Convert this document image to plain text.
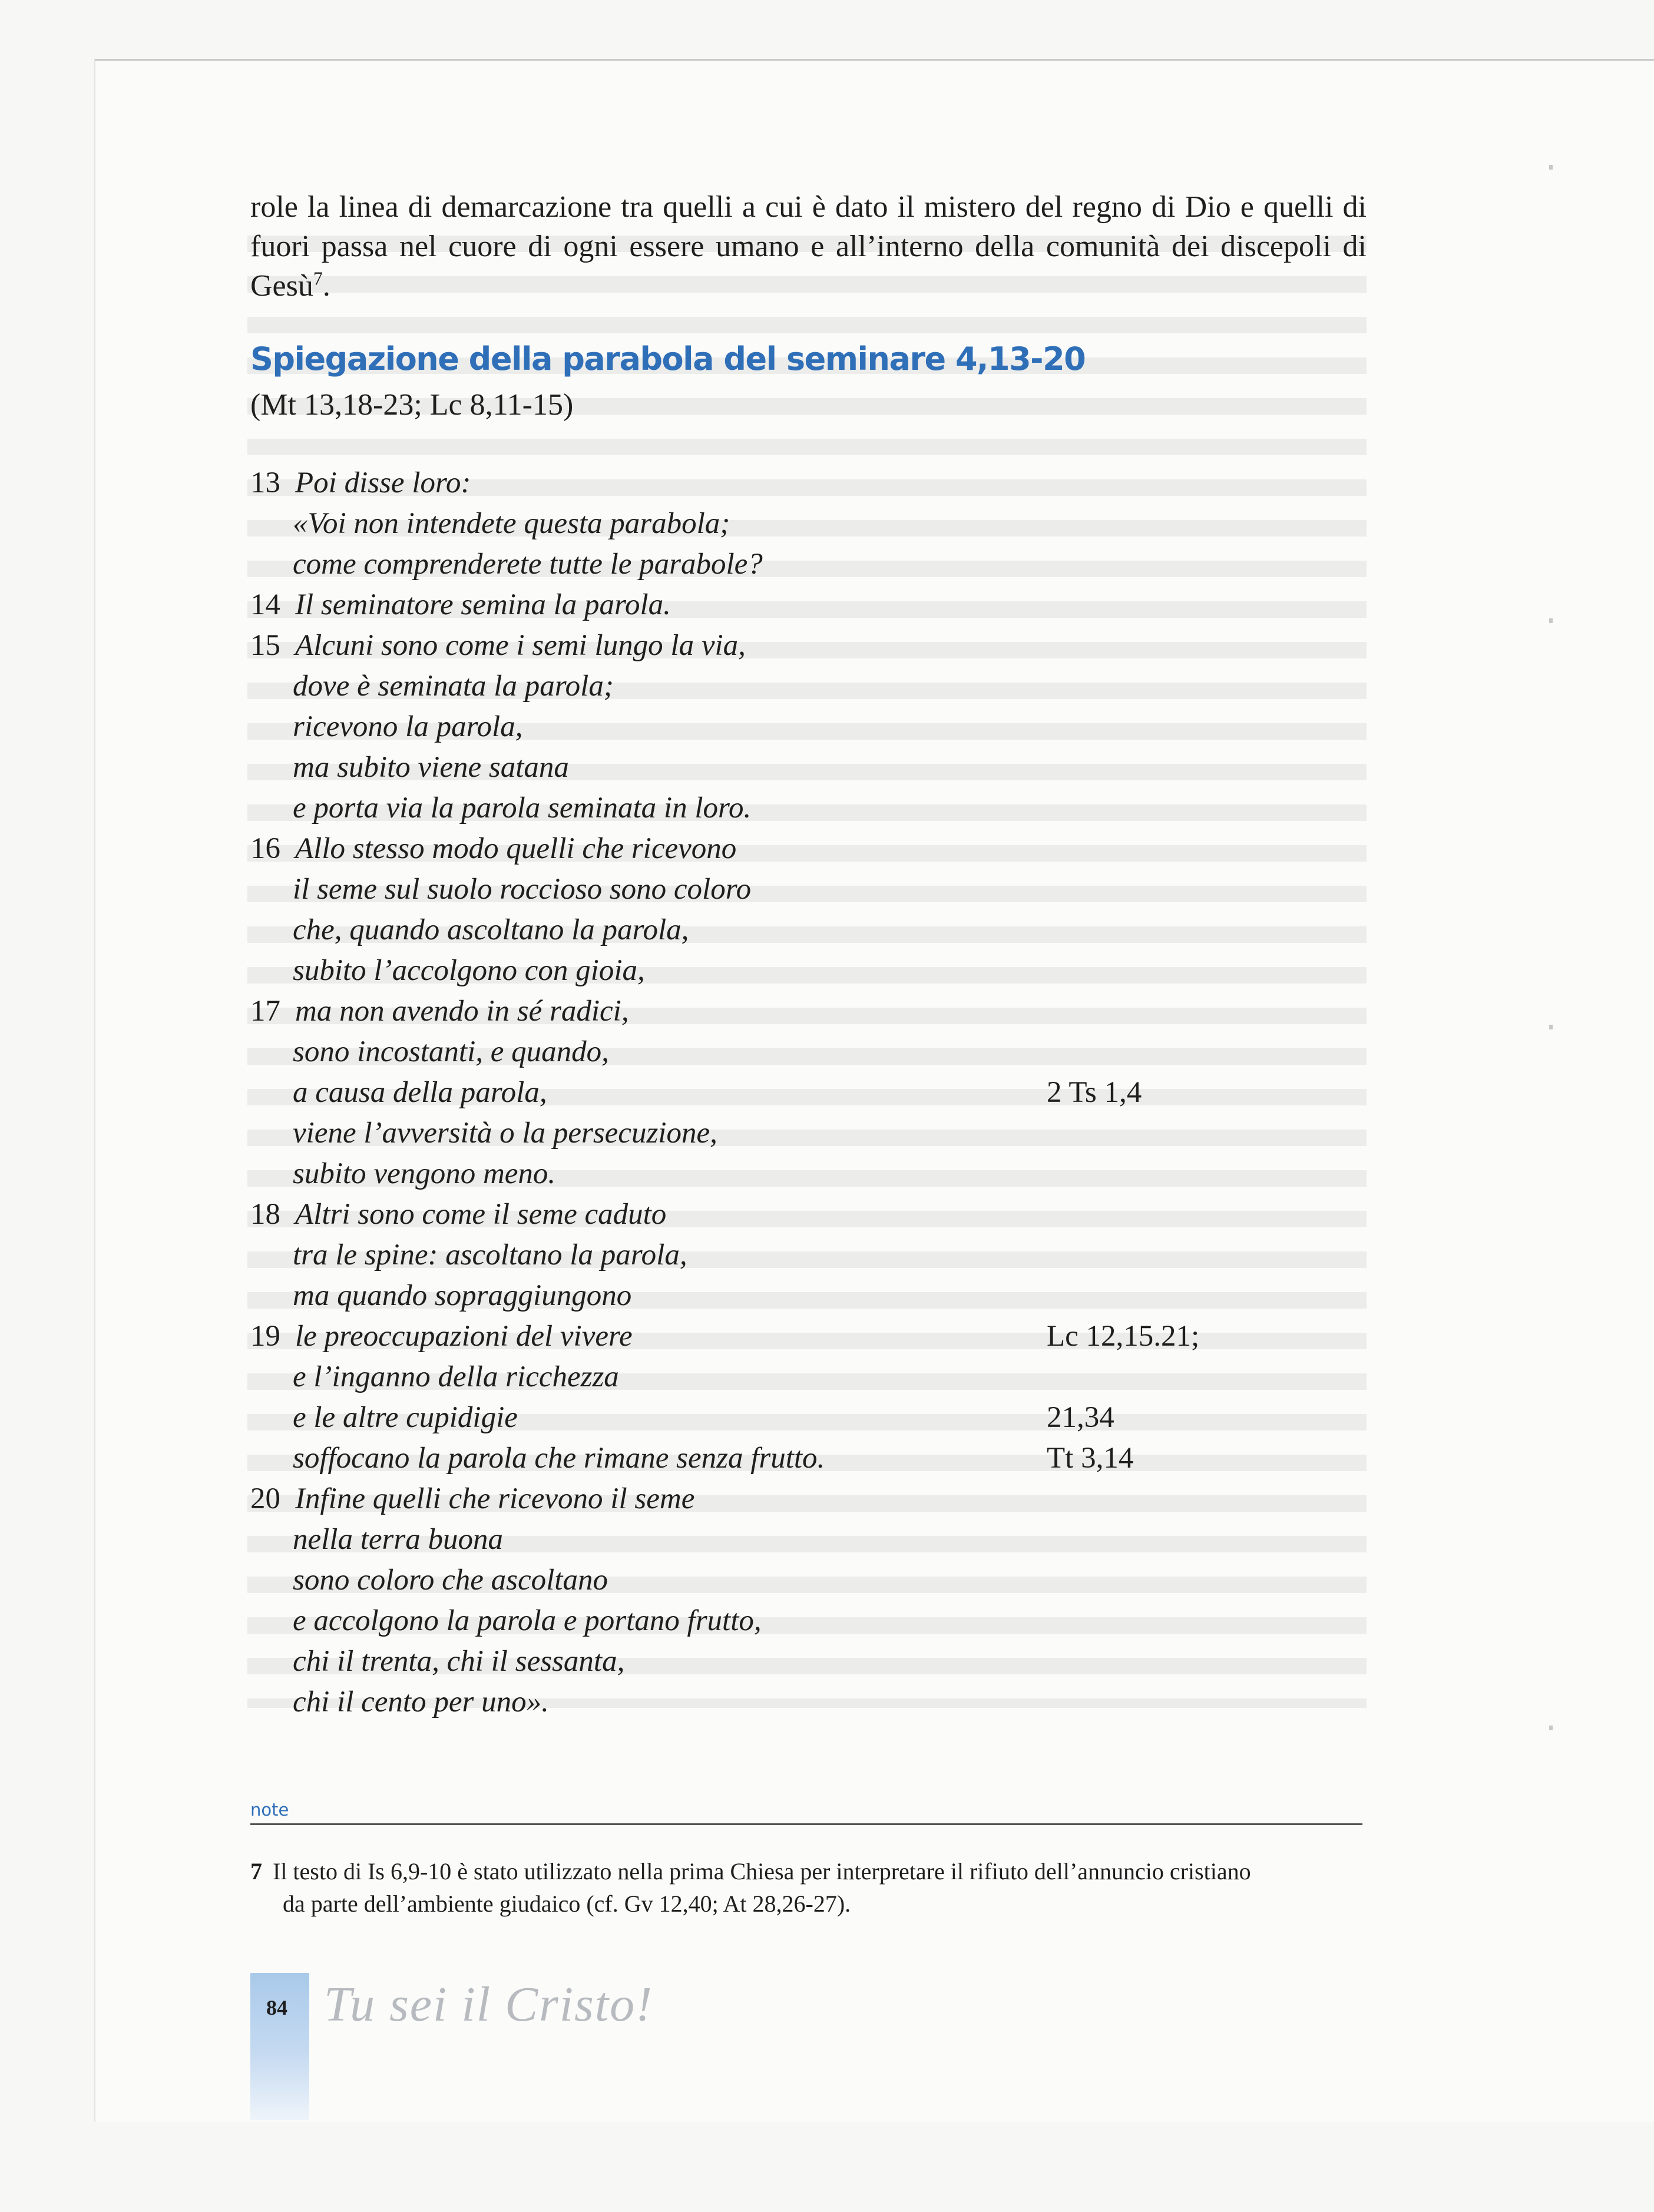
role la linea di demarcazione tra quelli a cui è dato il mistero del regno di Dio e quelli di fuori passa nel cuore di ogni essere umano e all’interno della comunità dei discepoli di Gesù$^7$.

Spiegazione della parabola del seminare 4,13-20
(Mt 13,18-23; Lc 8,11-15)
13 Poi disse loro:
«Voi non intendete questa parabola;
come comprenderete tutte le parabole?
14 Il seminatore semina la parola.
15 Alcuni sono come i semi lungo la via,
dove è seminata la parola;
ricevono la parola,
ma subito viene satana
e porta via la parola seminata in loro.
16 Allo stesso modo quelli che ricevono
il seme sul suolo roccioso sono coloro
che, quando ascoltano la parola,
subito l’accolgono con gioia,
17 ma non avendo in sé radici,
sono incostanti, e quando,
a causa della parola,	2 Ts 1,4
viene l’avversità o la persecuzione,
subito vengono meno.
18 Altri sono come il seme caduto
tra le spine: ascoltano la parola,
ma quando sopraggiungono
19 le preoccupazioni del vivere	Lc 12,15.21;
e l’inganno della ricchezza
e le altre cupidigie	21,34
soffocano la parola che rimane senza frutto.	Tt 3,14
20 Infine quelli che ricevono il seme
nella terra buona
sono coloro che ascoltano
e accolgono la parola e portano frutto,
chi il trenta, chi il sessanta,
chi il cento per uno».
note

7 Il testo di Is 6,9-10 è stato utilizzato nella prima Chiesa per interpretare il rifiuto dell’annuncio cristiano
da parte dell’ambiente giudaico (cf. Gv 12,40; At 28,26-27).

84 Tu sei il Cristo!
